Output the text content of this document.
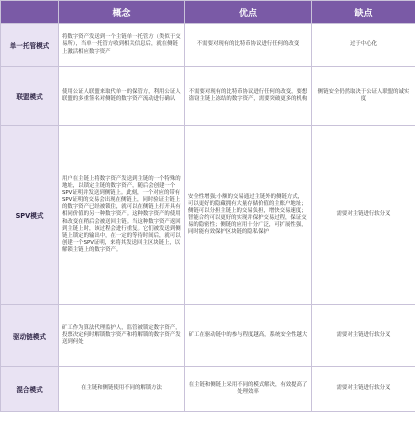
	概念	优点	缺点
单一托管模式	将数字资产发送到一个主链单一托管方（类似于交易所），当单一托管方收到相关信息后，就在侧链上激活相应数字资产	不需要对现有的比特币协议进行任何的改变	过于中心化
联盟模式	使用公证人联盟来取代单一的保管方，利用公证人联盟的多重签名对侧链的数字资产流动进行确认	不需要对现有的比特币协议进行任何的改变，要想盗窃主链上冻结的数字资产，需要突破更多的机构	侧链安全仍然取决于公证人联盟的诚实度
SPV模式	用户在主链上将数字资产发送到主链的一个特殊的地址，以锁定主链的数字资产，随后会创建一个SPV证明并发送到侧链上。此刻，一个对应的带有SPV证明的交易会出现在侧链上，同时验证主链上的数字资产已经被锁住，就可以在侧链上打开具有相同价值的另一种数字资产。这种数字资产的使用和改变在稍后会被送回主链。当这种数字资产返回到主链上时，该过程会进行重复。它们被发送到侧链上锁定的输出中，在一定的等待时间后，就可以创建一个SPV证明，来将其发送回主区块链上，以解锁主链上的数字资产。	安全性增强;小额的交易通过主链外的侧链方式，可以更好的隐藏拥有大量存储价值的主账户地址；侧链可以分担主链上的交易负担，增快交易速度；智能合约可以更好的实现并保护交易过程，保证交易的隐密性；侧链的应用十分广泛，可扩展性强，同时能有效保护区块链的隐私保护	需要对主链进行软分叉
驱动链模式	矿工作为算法代理监护人，监管被锁定数字资产，投票决定何时解锁数字资产和将解锁的数字资产发送到何处	矿工在驱动链中的参与程度越高，系统安全性越大	需要对主链进行软分叉
混合模式	在主链和侧链使用不同的解锁方法	在主链和侧链上采用不同的模式解决，有效提高了处理效率	需要对主链进行软分叉
